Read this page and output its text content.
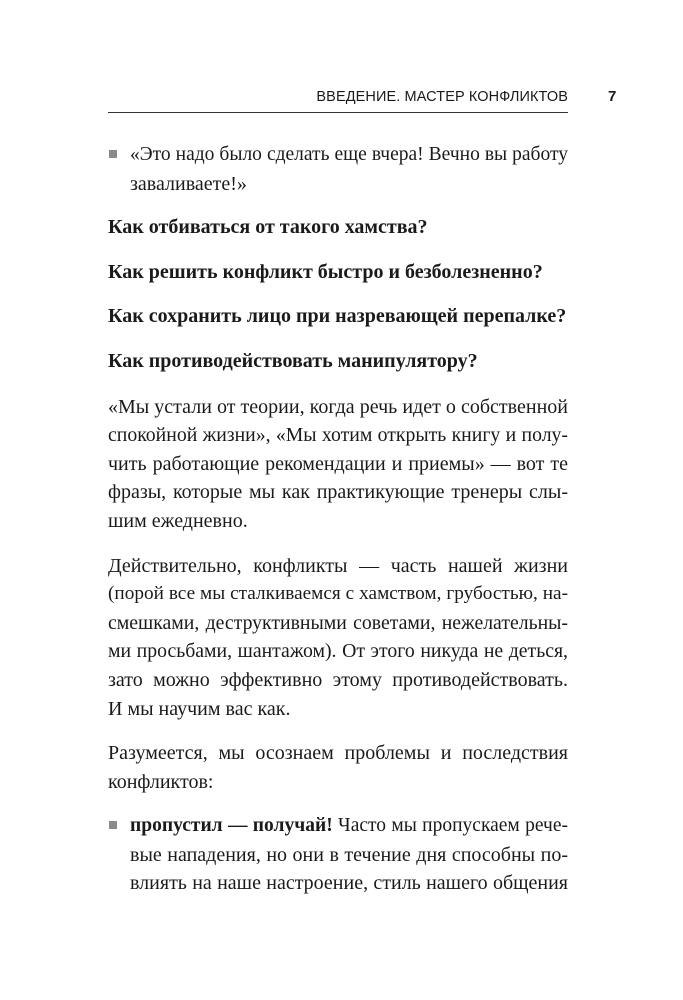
ВВЕДЕНИЕ. МАСТЕР КОНФЛИКТОВ	7
«Это надо было сделать еще вчера! Вечно вы работу
заваливаете!»

Как отбиваться от такого хамства?

Как решить конфликт быстро и безболезненно?

Как сохранить лицо при назревающей перепалке?

Как противодействовать манипулятору?

«Мы устали от теории, когда речь идет о собственной
спокойной жизни», «Мы хотим открыть книгу и полу-
чить работающие рекомендации и приемы» — вот те
фразы, которые мы как практикующие тренеры слы-
шим ежедневно.
Действительно, конфликты — часть нашей жизни
(порой все мы сталкиваемся с хамством, грубостью, на-
смешками, деструктивными советами, нежелательны-
ми просьбами, шантажом). От этого никуда не деться,
зато можно эффективно этому противодействовать.
И мы научим вас как.
Разумеется, мы осознаем проблемы и последствия
конфликтов:
пропустил — получай! Часто мы пропускаем рече-
вые нападения, но они в течение дня способны по-
влиять на наше настроение, стиль нашего общения
